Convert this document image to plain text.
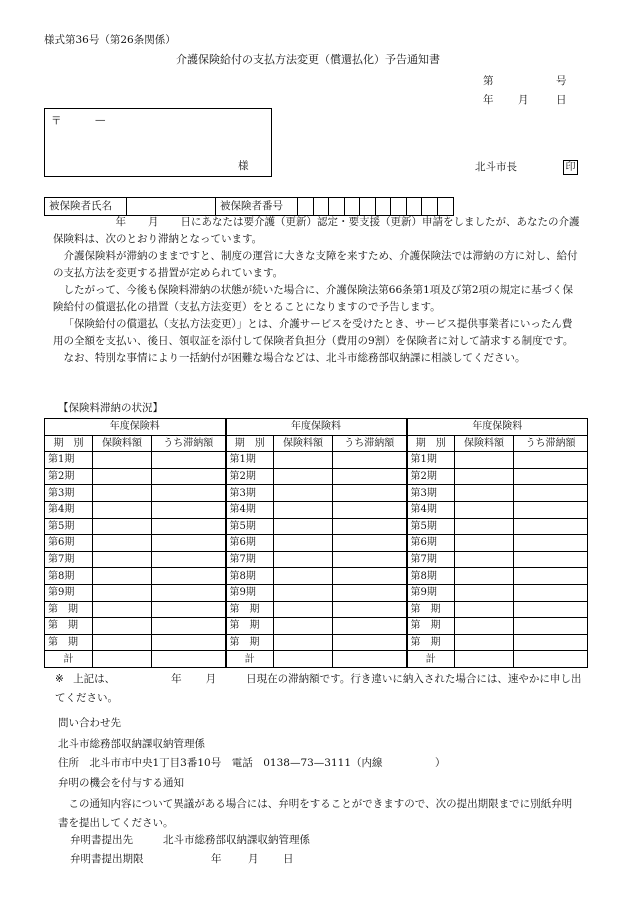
様式第36号（第26条関係）
介護保険給付の支払方法変更（償還払化）予告通知書
第	号
年 月	日
〒	—
様	北斗市長	印
被保険者氏名	被保険者番号

年 月 日にあなたは要介護（更新）認定・要支援（更新）申請をしましたが、あなたの介護保険料は、次のとおり滞納となっています。

介護保険料が滞納のままですと、制度の運営に大きな支障を来すため、介護保険法では滞納の方に対し、給付の支払方法を変更する措置が定められています。

したがって、今後も保険料滞納の状態が続いた場合に、介護保険法第66条第1項及び第2項の規定に基づく保険給付の償還払化の措置（支払方法変更）をとることになりますので予告します。

「保険給付の償還払（支払方法変更）」とは、介護サービスを受けたとき、サービス提供事業者にいったん費用の全額を支払い、後日、領収証を添付して保険者負担分（費用の9割）を保険者に対して請求する制度です。

なお、特別な事情により一括納付が困難な場合などは、北斗市総務部収納課に相談してください。

【保険料滞納の状況】
年度保険料			年度保険料			年度保険料		
期　別	保険料額	うち滞納額	期　別	保険料額	うち滞納額	期　別	保険料額	うち滞納額
第1期			第1期			第1期		
第2期			第2期			第2期		
第3期			第3期			第3期		
第4期			第4期			第4期		
第5期			第5期			第5期		
第6期			第6期			第6期		
第7期			第7期			第7期		
第8期			第8期			第8期		
第9期			第9期			第9期		
第　期			第　期			第　期		
第　期			第　期			第　期		
第　期			第　期			第　期		
計			計			計		
※ 上記は、	年 月	日現在の滞納額です。行き違いに納入された場合には、速やかに申し出てください。
問い合わせ先
北斗市総務部収納課収納管理係
住所　北斗市市中央1丁目3番10号　電話　0138—73—3111（内線　　　　　）
弁明の機会を付与する通知
この通知内容について異議がある場合には、弁明をすることができますので、次の提出期限までに別紙弁明書を提出してください。
弁明書提出先	北斗市総務部収納課収納管理係
弁明書提出期限	年	月 日
